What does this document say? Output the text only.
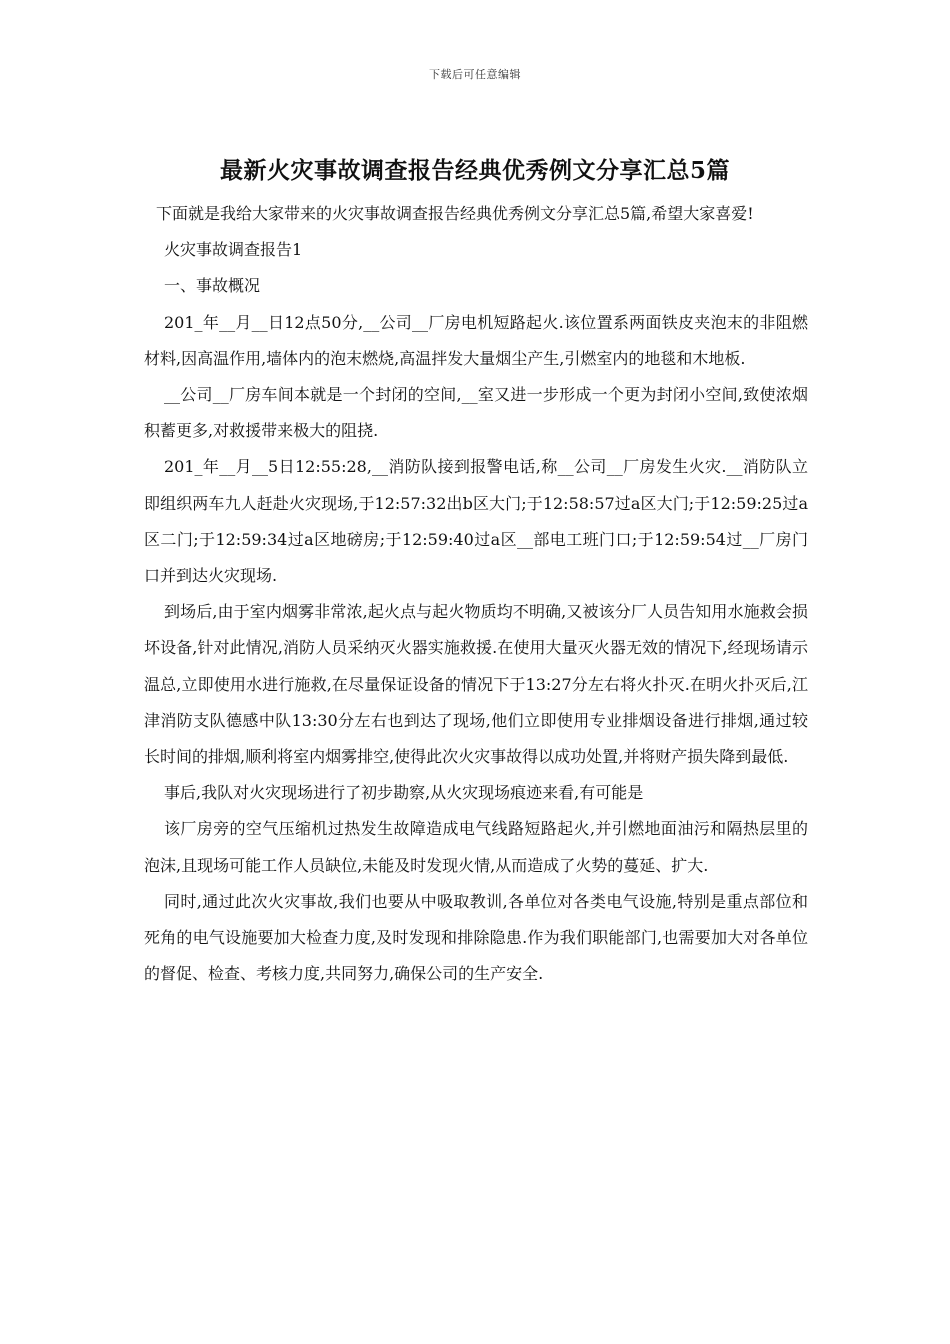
下载后可任意编辑
最新火灾事故调查报告经典优秀例文分享汇总5篇

下面就是我给大家带来的火灾事故调查报告经典优秀例文分享汇总5篇,希望大家喜爱!

火灾事故调查报告1

一、事故概况

201_年__月__日12点50分,__公司__厂房电机短路起火.该位置系两面铁皮夹泡末的非阻燃材料,因高温作用,墙体内的泡末燃烧,高温拌发大量烟尘产生,引燃室内的地毯和木地板.

__公司__厂房车间本就是一个封闭的空间,__室又进一步形成一个更为封闭小空间,致使浓烟积蓄更多,对救援带来极大的阻挠.

201_年__月__5日12:55:28,__消防队接到报警电话,称__公司__厂房发生火灾.__消防队立即组织两车九人赶赴火灾现场,于12:57:32出b区大门;于12:58:57过a区大门;于12:59:25过a区二门;于12:59:34过a区地磅房;于12:59:40过a区__部电工班门口;于12:59:54过__厂房门口并到达火灾现场.

到场后,由于室内烟雾非常浓,起火点与起火物质均不明确,又被该分厂人员告知用水施救会损坏设备,针对此情况,消防人员采纳灭火器实施救援.在使用大量灭火器无效的情况下,经现场请示温总,立即使用水进行施救,在尽量保证设备的情况下于13:27分左右将火扑灭.在明火扑灭后,江津消防支队德感中队13:30分左右也到达了现场,他们立即使用专业排烟设备进行排烟,通过较长时间的排烟,顺利将室内烟雾排空,使得此次火灾事故得以成功处置,并将财产损失降到最低.

事后,我队对火灾现场进行了初步勘察,从火灾现场痕迹来看,有可能是

该厂房旁的空气压缩机过热发生故障造成电气线路短路起火,并引燃地面油污和隔热层里的泡沫,且现场可能工作人员缺位,未能及时发现火情,从而造成了火势的蔓延、扩大.

同时,通过此次火灾事故,我们也要从中吸取教训,各单位对各类电气设施,特别是重点部位和死角的电气设施要加大检查力度,及时发现和排除隐患.作为我们职能部门,也需要加大对各单位的督促、检查、考核力度,共同努力,确保公司的生产安全.
